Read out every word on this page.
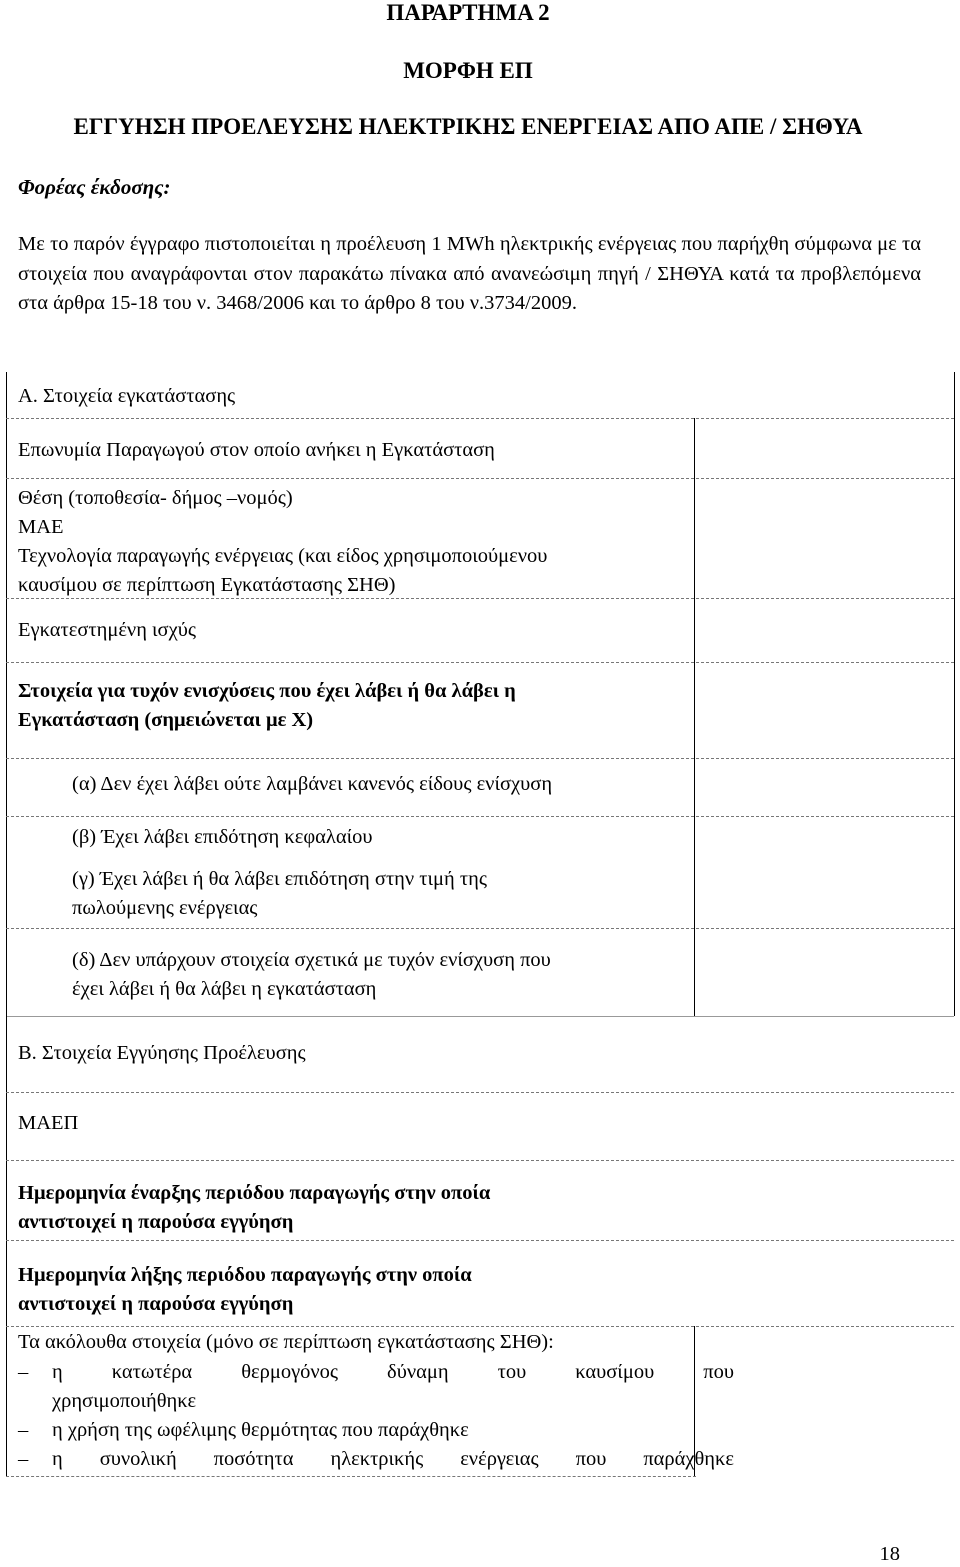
ΠΑΡΑΡΤΗΜΑ 2
ΜΟΡΦΗ ΕΠ
ΕΓΓΥΗΣΗ ΠΡΟΕΛΕΥΣΗΣ ΗΛΕΚΤΡΙΚΗΣ ΕΝΕΡΓΕΙΑΣ ΑΠΟ ΑΠΕ / ΣΗΘΥΑ
Φορέας έκδοσης:
Με το παρόν έγγραφο πιστοποιείται η προέλευση 1 MWh ηλεκτρικής ενέργειας που παρήχθη σύμφωνα με τα στοιχεία που αναγράφονται στον παρακάτω πίνακα από ανανεώσιμη πηγή / ΣΗΘΥΑ κατά τα προβλεπόμενα στα άρθρα 15-18 του ν. 3468/2006 και το άρθρο 8 του ν.3734/2009.
Α. Στοιχεία εγκατάστασης
Επωνυμία Παραγωγού στον οποίο ανήκει η Εγκατάσταση
Θέση (τοποθεσία- δήμος –νομός)
ΜΑΕ
Τεχνολογία παραγωγής ενέργειας (και είδος χρησιμοποιούμενου
καυσίμου σε περίπτωση Εγκατάστασης ΣΗΘ)
Εγκατεστημένη ισχύς
Στοιχεία για τυχόν ενισχύσεις που έχει λάβει ή θα λάβει η
Εγκατάσταση (σημειώνεται με Χ)
(α) Δεν έχει λάβει ούτε λαμβάνει κανενός είδους ενίσχυση
(β) Έχει λάβει επιδότηση κεφαλαίου
(γ) Έχει λάβει ή θα λάβει επιδότηση στην τιμή της
πωλούμενης ενέργειας
(δ) Δεν υπάρχουν στοιχεία σχετικά με τυχόν ενίσχυση που
έχει λάβει ή θα λάβει η εγκατάσταση
Β. Στοιχεία Εγγύησης Προέλευσης
ΜΑΕΠ
Ημερομηνία έναρξης περιόδου παραγωγής στην οποία
αντιστοιχεί η παρούσα εγγύηση
Ημερομηνία λήξης περιόδου παραγωγής στην οποία
αντιστοιχεί η παρούσα εγγύηση
Τα ακόλουθα στοιχεία (μόνο σε περίπτωση εγκατάστασης ΣΗΘ):
– η κατωτέρα θερμογόνος δύναμη του καυσίμου που
χρησιμοποιήθηκε
– η χρήση της ωφέλιμης θερμότητας που παράχθηκε
– η συνολική ποσότητα ηλεκτρικής ενέργειας που παράχθηκε
18
